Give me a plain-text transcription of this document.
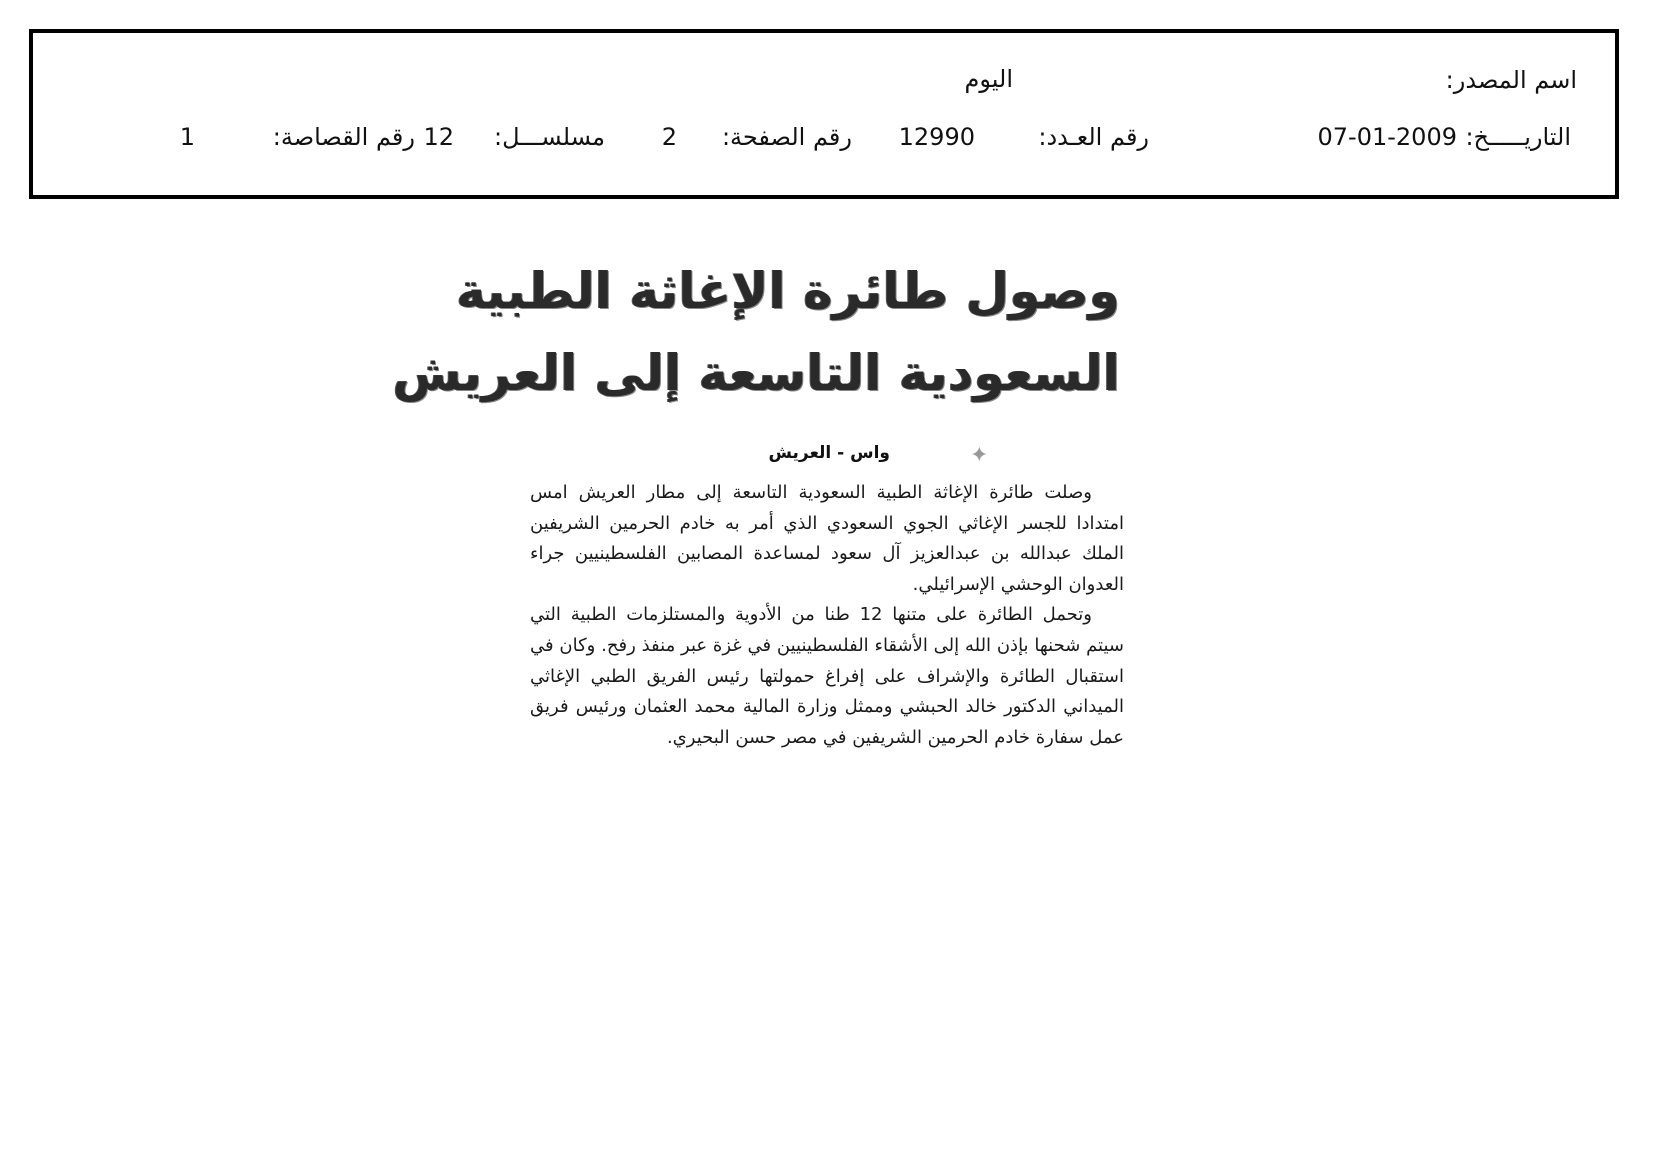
اسم المصدر:
اليوم
التاريـــــخ:
07-01-2009
رقم العـدد:
12990
رقم الصفحة:
2
مسلســـل:
12
رقم القصاصة:
1
وصول طائرة الإغاثة الطبية
السعودية التاسعة إلى العريش
✦
واس - العريش

وصلت طائرة الإغاثة الطبية السعودية التاسعة إلى مطار العريش امس امتدادا للجسر الإغاثي الجوي السعودي الذي أمر به خادم الحرمين الشريفين الملك عبدالله بن عبدالعزيز آل سعود لمساعدة المصابين الفلسطينيين جراء العدوان الوحشي الإسرائيلي.

وتحمل الطائرة على متنها 12 طنا من الأدوية والمستلزمات الطبية التي سيتم شحنها بإذن الله إلى الأشقاء الفلسطينيين في غزة عبر منفذ رفح. وكان في استقبال الطائرة والإشراف على إفراغ حمولتها رئيس الفريق الطبي الإغاثي الميداني الدكتور خالد الحبشي وممثل وزارة المالية محمد العثمان ورئيس فريق عمل سفارة خادم الحرمين الشريفين في مصر حسن البحيري.
